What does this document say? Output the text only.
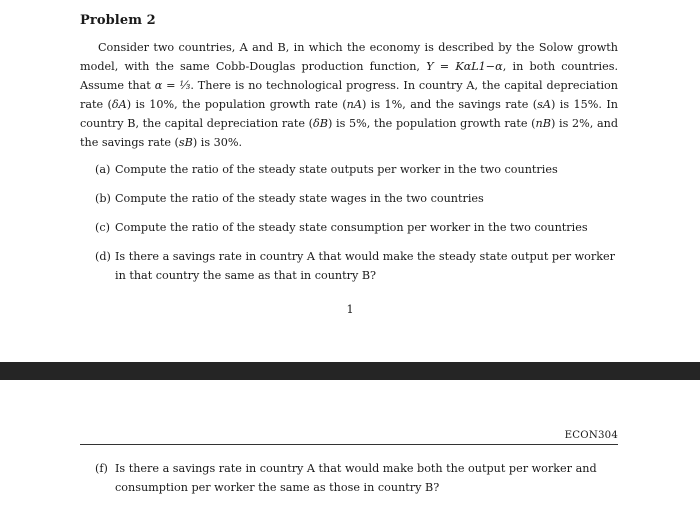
Problem 2
Consider two countries, A and B, in which the economy is described by the Solow growth model, with the same Cobb-Douglas production function, Y = KαL1−α, in both countries. Assume that α = ⅓. There is no technological progress. In country A, the capital depreciation rate (δA) is 10%, the population growth rate (nA) is 1%, and the savings rate (sA) is 15%. In country B, the capital depreciation rate (δB) is 5%, the population growth rate (nB) is 2%, and the savings rate (sB) is 30%.
(a) Compute the ratio of the steady state outputs per worker in the two countries
(b) Compute the ratio of the steady state wages in the two countries
(c) Compute the ratio of the steady state consumption per worker in the two countries
(d) Is there a savings rate in country A that would make the steady state output per worker in that country the same as that in country B?
1
ECON304
(f) Is there a savings rate in country A that would make both the output per worker and consumption per worker the same as those in country B?
